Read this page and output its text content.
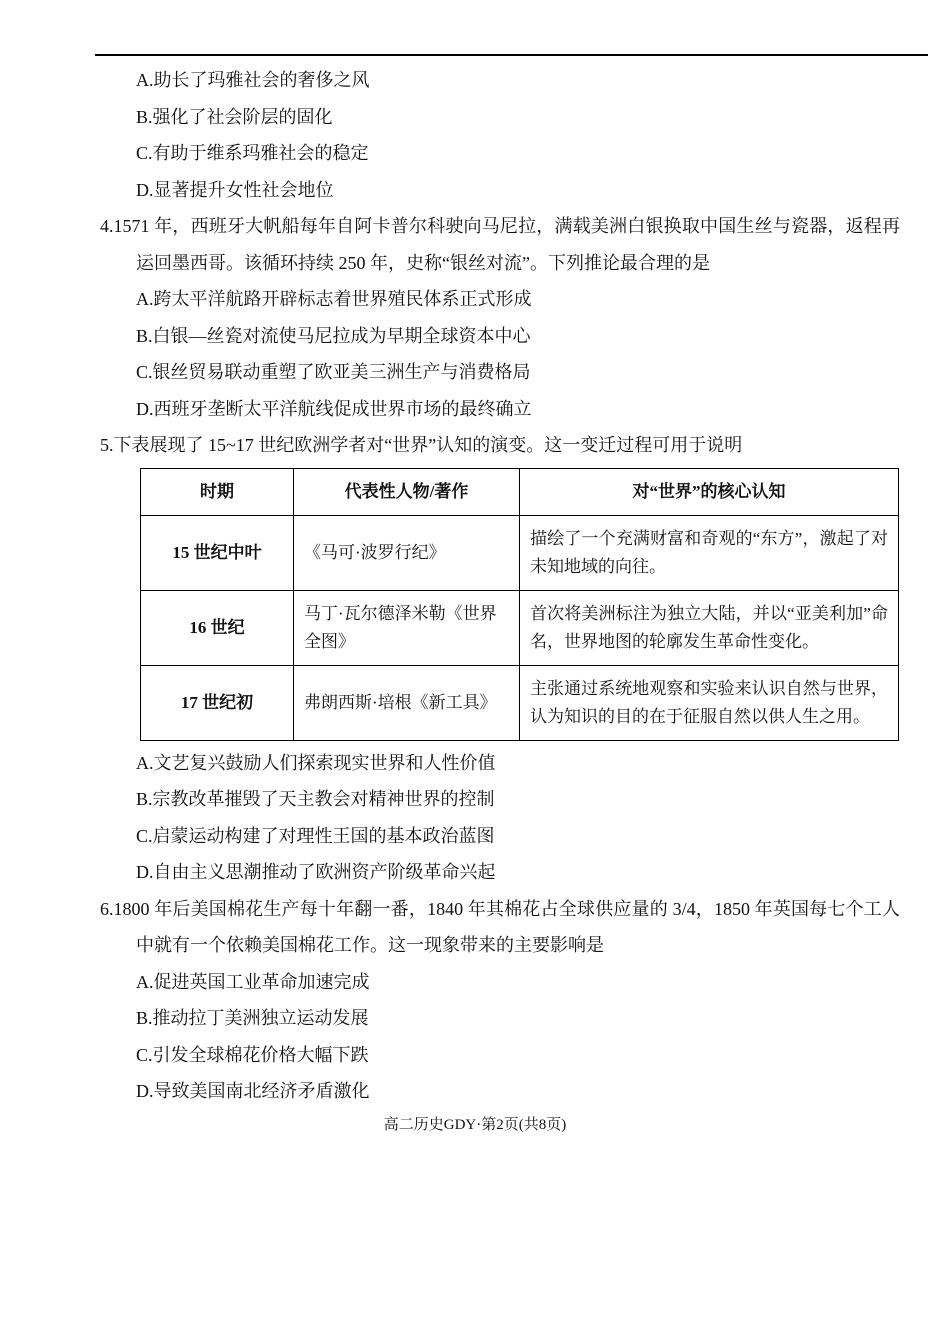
A.助长了玛雅社会的奢侈之风
B.强化了社会阶层的固化
C.有助于维系玛雅社会的稳定
D.显著提升女性社会地位
4.1571 年，西班牙大帆船每年自阿卡普尔科驶向马尼拉，满载美洲白银换取中国生丝与瓷器，返程再运回墨西哥。该循环持续 250 年，史称“银丝对流”。下列推论最合理的是
A.跨太平洋航路开辟标志着世界殖民体系正式形成
B.白银—丝瓷对流使马尼拉成为早期全球资本中心
C.银丝贸易联动重塑了欧亚美三洲生产与消费格局
D.西班牙垄断太平洋航线促成世界市场的最终确立
5.下表展现了 15~17 世纪欧洲学者对“世界”认知的演变。这一变迁过程可用于说明
时期	代表性人物/著作	对“世界”的核心认知
15 世纪中叶	《马可·波罗行纪》	描绘了一个充满财富和奇观的“东方”，激起了对未知地域的向往。
16 世纪	马丁·瓦尔德泽米勒《世界全图》	首次将美洲标注为独立大陆，并以“亚美利加”命名，世界地图的轮廓发生革命性变化。
17 世纪初	弗朗西斯·培根《新工具》	主张通过系统地观察和实验来认识自然与世界，认为知识的目的在于征服自然以供人生之用。
A.文艺复兴鼓励人们探索现实世界和人性价值
B.宗教改革摧毁了天主教会对精神世界的控制
C.启蒙运动构建了对理性王国的基本政治蓝图
D.自由主义思潮推动了欧洲资产阶级革命兴起
6.1800 年后美国棉花生产每十年翻一番，1840 年其棉花占全球供应量的 3/4，1850 年英国每七个工人中就有一个依赖美国棉花工作。这一现象带来的主要影响是
A.促进英国工业革命加速完成
B.推动拉丁美洲独立运动发展
C.引发全球棉花价格大幅下跌
D.导致美国南北经济矛盾激化
高二历史GDY·第2页(共8页)
